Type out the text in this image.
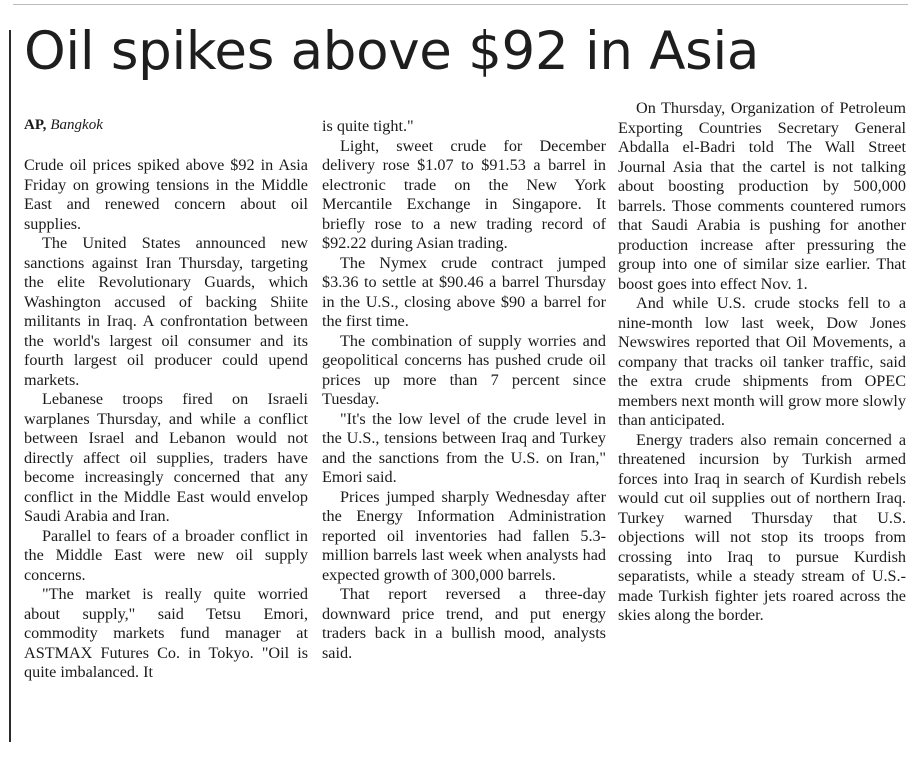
Oil spikes above $92 in Asia

AP, Bangkok

Crude oil prices spiked above $92 in Asia Friday on growing tensions in the Middle East and renewed concern about oil supplies.

The United States announced new sanctions against Iran Thursday, targeting the elite Revolutionary Guards, which Washington accused of backing Shiite militants in Iraq. A confrontation between the world's largest oil consumer and its fourth largest oil producer could upend markets.

Lebanese troops fired on Israeli warplanes Thursday, and while a conflict between Israel and Lebanon would not directly affect oil supplies, traders have become increasingly concerned that any conflict in the Middle East would envelop Saudi Arabia and Iran.

Parallel to fears of a broader conflict in the Middle East were new oil supply concerns.

"The market is really quite worried about supply," said Tetsu Emori, commodity markets fund manager at ASTMAX Futures Co. in Tokyo. "Oil is quite imbalanced. It

is quite tight."

Light, sweet crude for December delivery rose $1.07 to $91.53 a barrel in electronic trade on the New York Mercantile Exchange in Singapore. It briefly rose to a new trading record of $92.22 during Asian trading.

The Nymex crude contract jumped $3.36 to settle at $90.46 a barrel Thursday in the U.S., closing above $90 a barrel for the first time.

The combination of supply worries and geopolitical concerns has pushed crude oil prices up more than 7 percent since Tuesday.

"It's the low level of the crude level in the U.S., tensions between Iraq and Turkey and the sanctions from the U.S. on Iran," Emori said.

Prices jumped sharply Wednesday after the Energy Information Administration reported oil inventories had fallen 5.3-million barrels last week when analysts had expected growth of 300,000 barrels.

That report reversed a three-day downward price trend, and put energy traders back in a bullish mood, analysts said.

On Thursday, Organization of Petroleum Exporting Countries Secretary General Abdalla el-Badri told The Wall Street Journal Asia that the cartel is not talking about boosting production by 500,000 barrels. Those comments countered rumors that Saudi Arabia is pushing for another production increase after pressuring the group into one of similar size earlier. That boost goes into effect Nov. 1.

And while U.S. crude stocks fell to a nine-month low last week, Dow Jones Newswires reported that Oil Movements, a company that tracks oil tanker traffic, said the extra crude shipments from OPEC members next month will grow more slowly than anticipated.

Energy traders also remain concerned a threatened incursion by Turkish armed forces into Iraq in search of Kurdish rebels would cut oil supplies out of northern Iraq. Turkey warned Thursday that U.S. objections will not stop its troops from crossing into Iraq to pursue Kurdish separatists, while a steady stream of U.S.-made Turkish fighter jets roared across the skies along the border.
